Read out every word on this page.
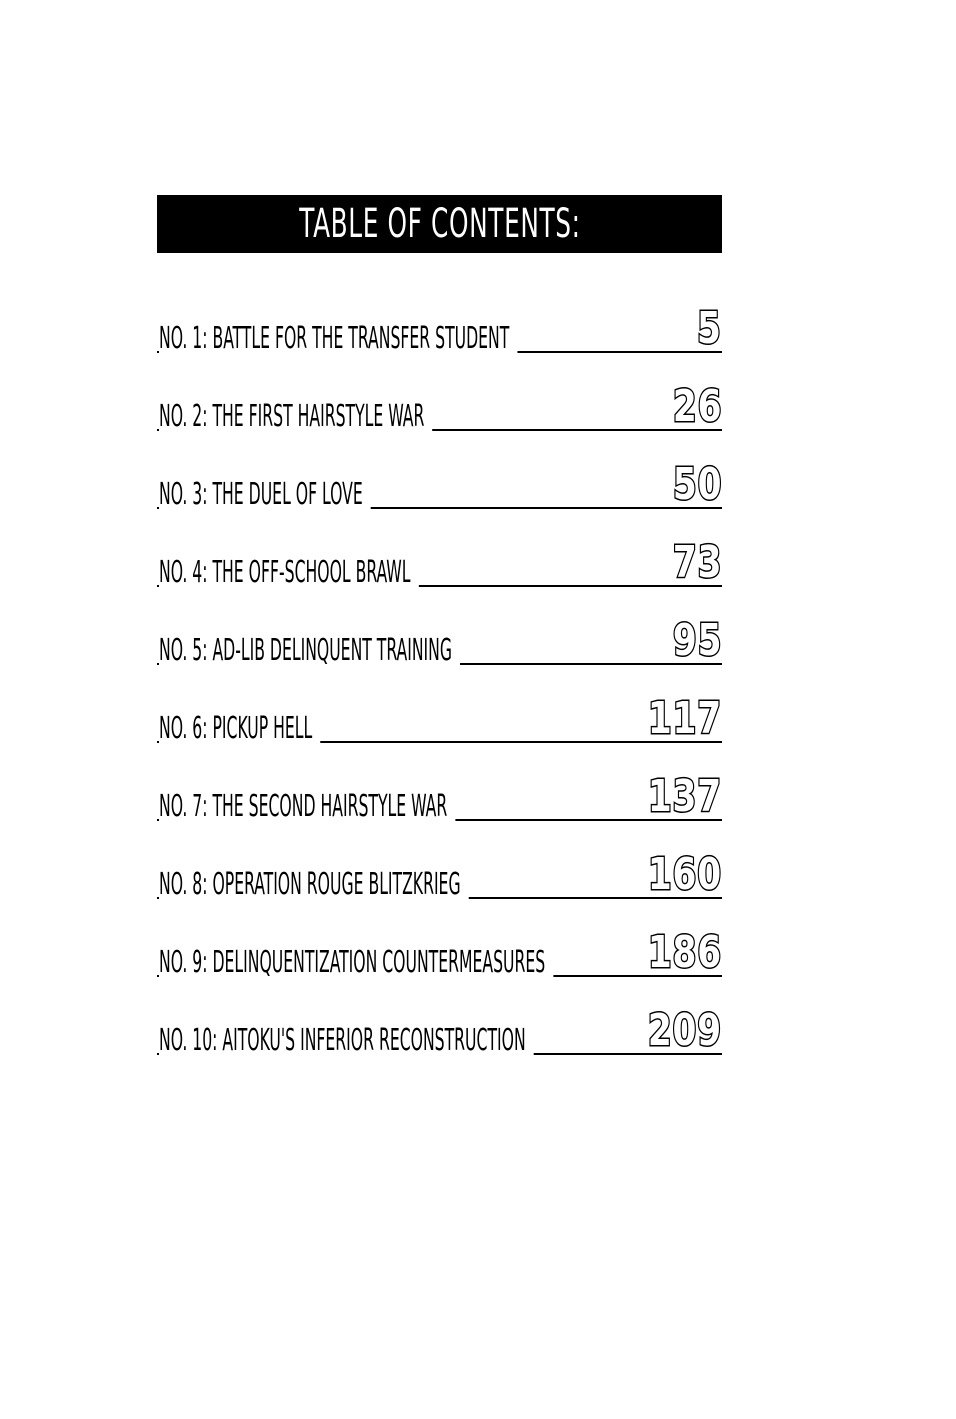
TABLE OF CONTENTS:
NO. 1: BATTLE FOR THE TRANSFER STUDENT	5
NO. 2: THE FIRST HAIRSTYLE WAR	26
NO. 3: THE DUEL OF LOVE	50
NO. 4: THE OFF-SCHOOL BRAWL	73
NO. 5: AD-LIB DELINQUENT TRAINING	95
NO. 6: PICKUP HELL	117
NO. 7: THE SECOND HAIRSTYLE WAR	137
NO. 8: OPERATION ROUGE BLITZKRIEG	160
NO. 9: DELINQUENTIZATION COUNTERMEASURES 186
NO. 10: AITOKU'S INFERIOR RECONSTRUCTION	209
